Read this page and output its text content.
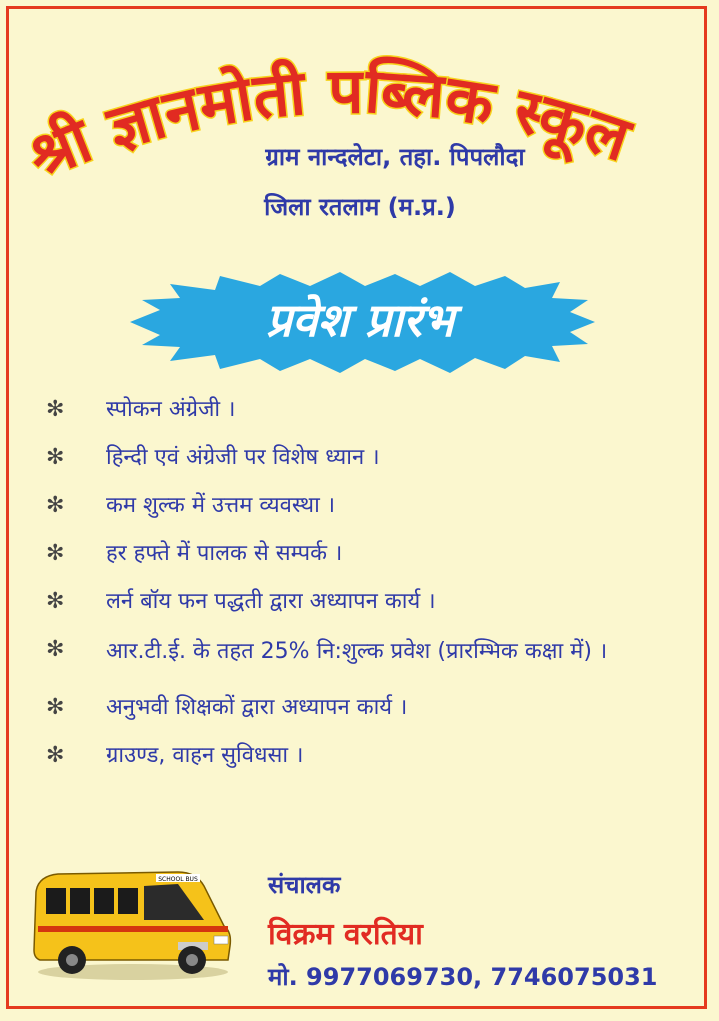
श्री ज्ञानमोती पब्लिक स्कूल
ग्राम नान्दलेटा, तहा. पिपलौदा
जिला रतलाम (म.प्र.)
प्रवेश प्रारंभ
✻	स्पोकन अंग्रेजी ।
✻	हिन्दी एवं अंग्रेजी पर विशेष ध्यान ।
✻	कम शुल्क में उत्तम व्यवस्था ।
✻	हर हफ्ते में पालक से सम्पर्क ।
✻	लर्न बॉय फन पद्धती द्वारा अध्यापन कार्य ।
✻	आर.टी.ई. के तहत 25% नि:शुल्क प्रवेश (प्रारम्भिक कक्षा में) ।
✻	अनुभवी शिक्षकों द्वारा अध्यापन कार्य ।
✻	ग्राउण्ड, वाहन सुविधसा ।
SCHOOL BUS	संचालक
विक्रम वरतिया
मो. 9977069730, 7746075031
